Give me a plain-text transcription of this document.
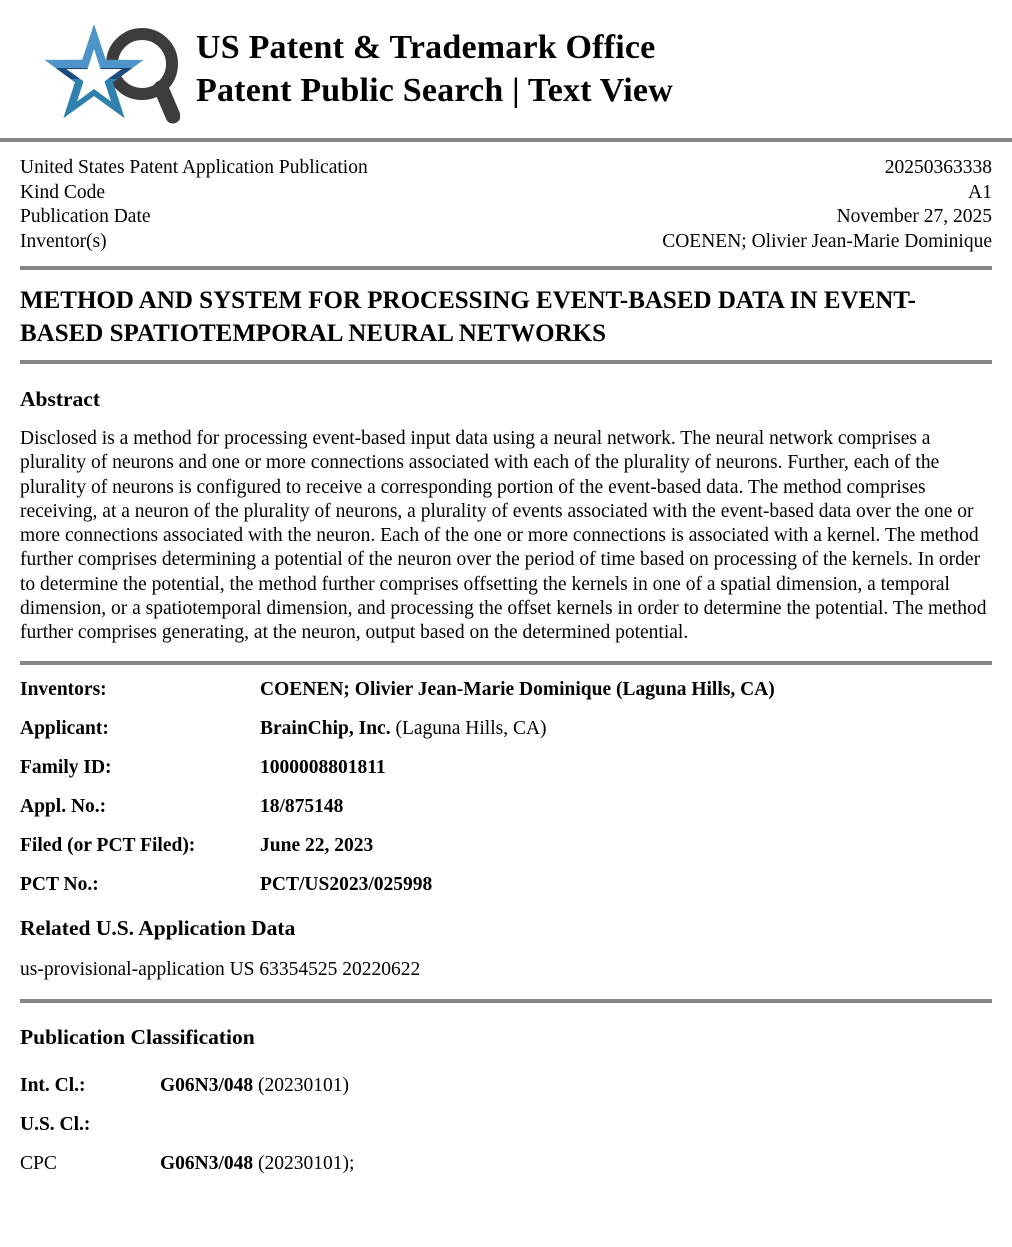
US Patent & Trademark Office
Patent Public Search | Text View
United States Patent Application Publication	20250363338
Kind Code	A1
Publication Date	November 27, 2025
Inventor(s)	COENEN; Olivier Jean-Marie Dominique
METHOD AND SYSTEM FOR PROCESSING EVENT-BASED DATA IN EVENT-BASED SPATIOTEMPORAL NEURAL NETWORKS
Abstract

Disclosed is a method for processing event-based input data using a neural network. The neural network comprises a plurality of neurons and one or more connections associated with each of the plurality of neurons. Further, each of the plurality of neurons is configured to receive a corresponding portion of the event-based data. The method comprises receiving, at a neuron of the plurality of neurons, a plurality of events associated with the event-based data over the one or more connections associated with the neuron. Each of the one or more connections is associated with a kernel. The method further comprises determining a potential of the neuron over the period of time based on processing of the kernels. In order to determine the potential, the method further comprises offsetting the kernels in one of a spatial dimension, a temporal dimension, or a spatiotemporal dimension, and processing the offset kernels in order to determine the potential. The method further comprises generating, at the neuron, output based on the determined potential.

Inventors:	COENEN; Olivier Jean-Marie Dominique (Laguna Hills, CA)
Applicant:	BrainChip, Inc. (Laguna Hills, CA)
Family ID:	1000008801811
Appl. No.:	18/875148
Filed (or PCT Filed):	June 22, 2023
PCT No.:	PCT/US2023/025998
Related U.S. Application Data

us-provisional-application US 63354525 20220622

Publication Classification
Int. Cl.:	G06N3/048 (20230101)
U.S. Cl.:
CPC	G06N3/048 (20230101);
